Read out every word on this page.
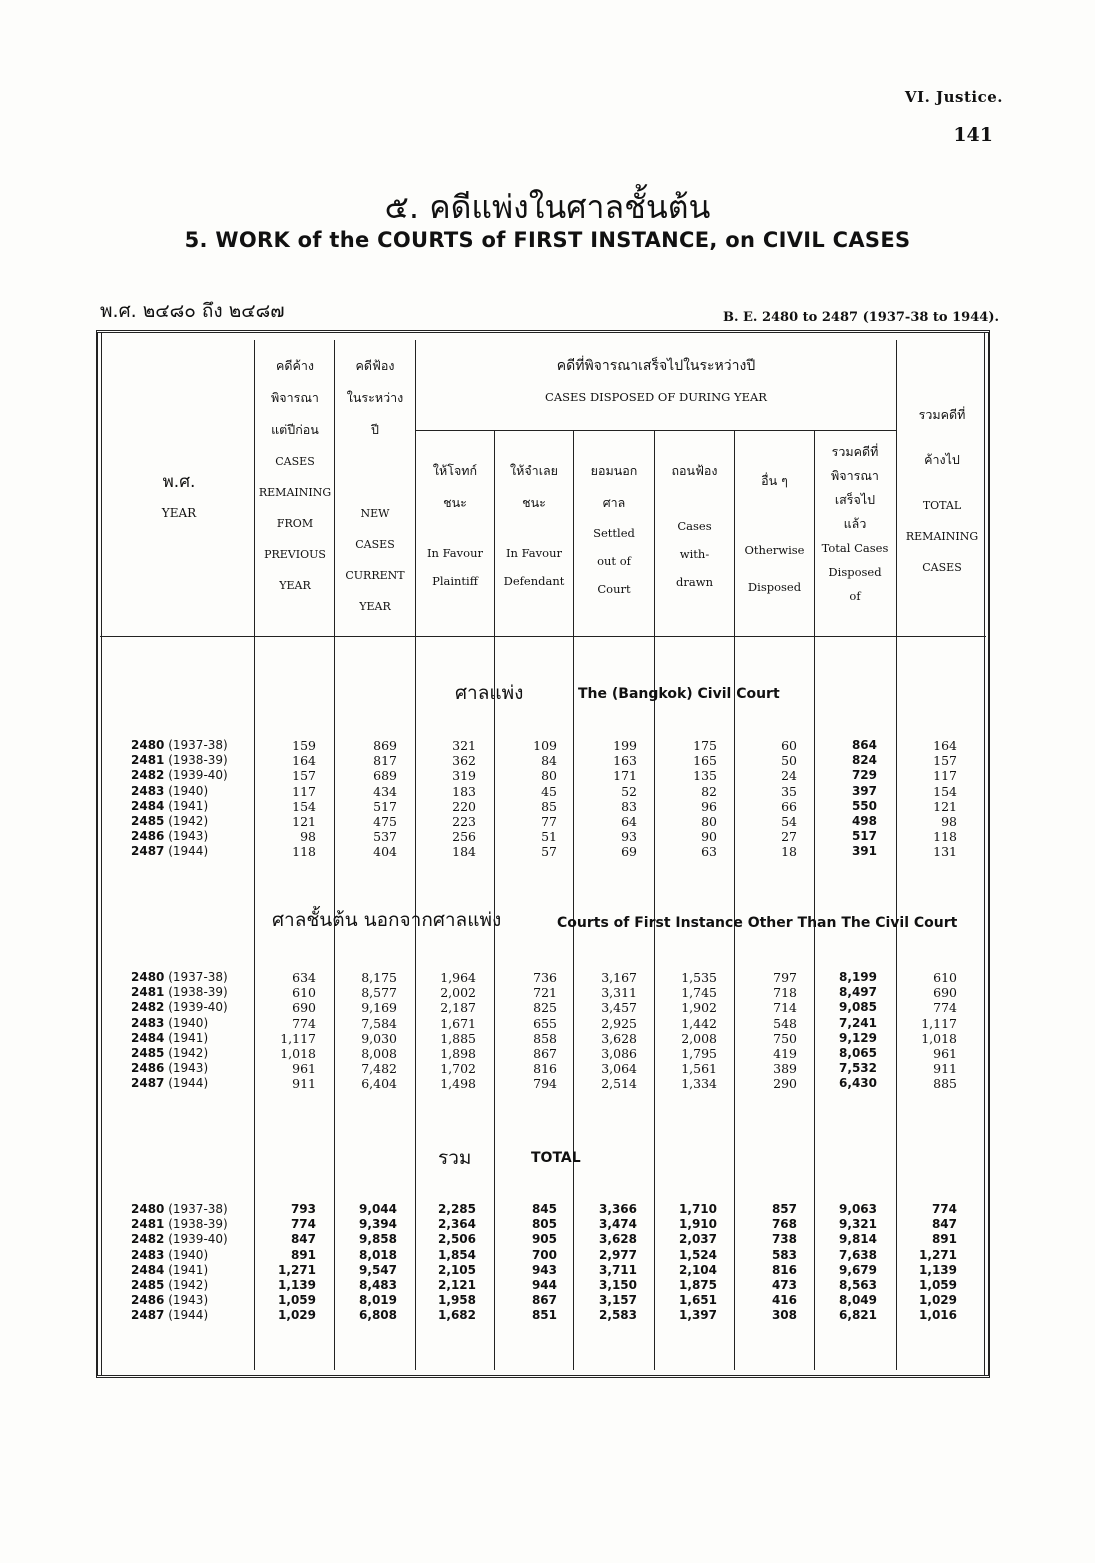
VI. Justice.
141
๕. คดีแพ่งในศาลชั้นต้น
5. WORK of the COURTS of FIRST INSTANCE, on CIVIL CASES
พ.ศ. ๒๔๘๐ ถึง ๒๔๘๗	B. E. 2480 to 2487 (1937-38 to 1944).
พ.ศ.
YEAR
คดีค้าง
พิจารณา
แต่ปีก่อน
CASES
REMAINING
FROM
PREVIOUS
YEAR
คดีฟ้อง
ในระหว่าง
ปี
NEW
CASES
CURRENT
YEAR
คดีที่พิจารณาเสร็จไปในระหว่างปี
CASES DISPOSED OF DURING YEAR
ให้โจทก์
ชนะ
In Favour
Plaintiff
ให้จำเลย
ชนะ
In Favour
Defendant
ยอมนอก
ศาล
Settled
out of
Court
ถอนฟ้อง
Cases
with-
drawn
อื่น ๆ
Otherwise
Disposed
รวมคดีที่
พิจารณา
เสร็จไป
แล้ว
Total Cases
Disposed
of
รวมคดีที่
ค้างไป
TOTAL
REMAINING
CASES
ศาลแพ่ง	The (Bangkok) Civil Court
ศาลชั้นต้น นอกจากศาลแพ่ง	Courts of First Instance Other Than The Civil Court
รวม	TOTAL
2480 (1937-38)	159	869	321	109	199	175	60	864	164
2481 (1938-39)	164	817	362	84	163	165	50	824	157
2482 (1939-40)	157	689	319	80	171	135	24	729	117
2483 (1940)	117	434	183	45	52	82	35	397	154
2484 (1941)	154	517	220	85	83	96	66	550	121
2485 (1942)	121	475	223	77	64	80	54	498	98
2486 (1943)	98	537	256	51	93	90	27	517	118
2487 (1944)	118	404	184	57	69	63	18	391	131
2480 (1937-38)	634	8,175	1,964	736	3,167	1,535	797	8,199	610
2481 (1938-39)	610	8,577	2,002	721	3,311	1,745	718	8,497	690
2482 (1939-40)	690	9,169	2,187	825	3,457	1,902	714	9,085	774
2483 (1940)	774	7,584	1,671	655	2,925	1,442	548	7,241	1,117
2484 (1941)	1,117	9,030	1,885	858	3,628	2,008	750	9,129	1,018
2485 (1942)	1,018	8,008	1,898	867	3,086	1,795	419	8,065	961
2486 (1943)	961	7,482	1,702	816	3,064	1,561	389	7,532	911
2487 (1944)	911	6,404	1,498	794	2,514	1,334	290	6,430	885
2480 (1937-38)	793	9,044	2,285	845	3,366	1,710	857	9,063	774
2481 (1938-39)	774	9,394	2,364	805	3,474	1,910	768	9,321	847
2482 (1939-40)	847	9,858	2,506	905	3,628	2,037	738	9,814	891
2483 (1940)	891	8,018	1,854	700	2,977	1,524	583	7,638	1,271
2484 (1941)	1,271	9,547	2,105	943	3,711	2,104	816	9,679	1,139
2485 (1942)	1,139	8,483	2,121	944	3,150	1,875	473	8,563	1,059
2486 (1943)	1,059	8,019	1,958	867	3,157	1,651	416	8,049	1,029
2487 (1944)	1,029	6,808	1,682	851	2,583	1,397	308	6,821	1,016
